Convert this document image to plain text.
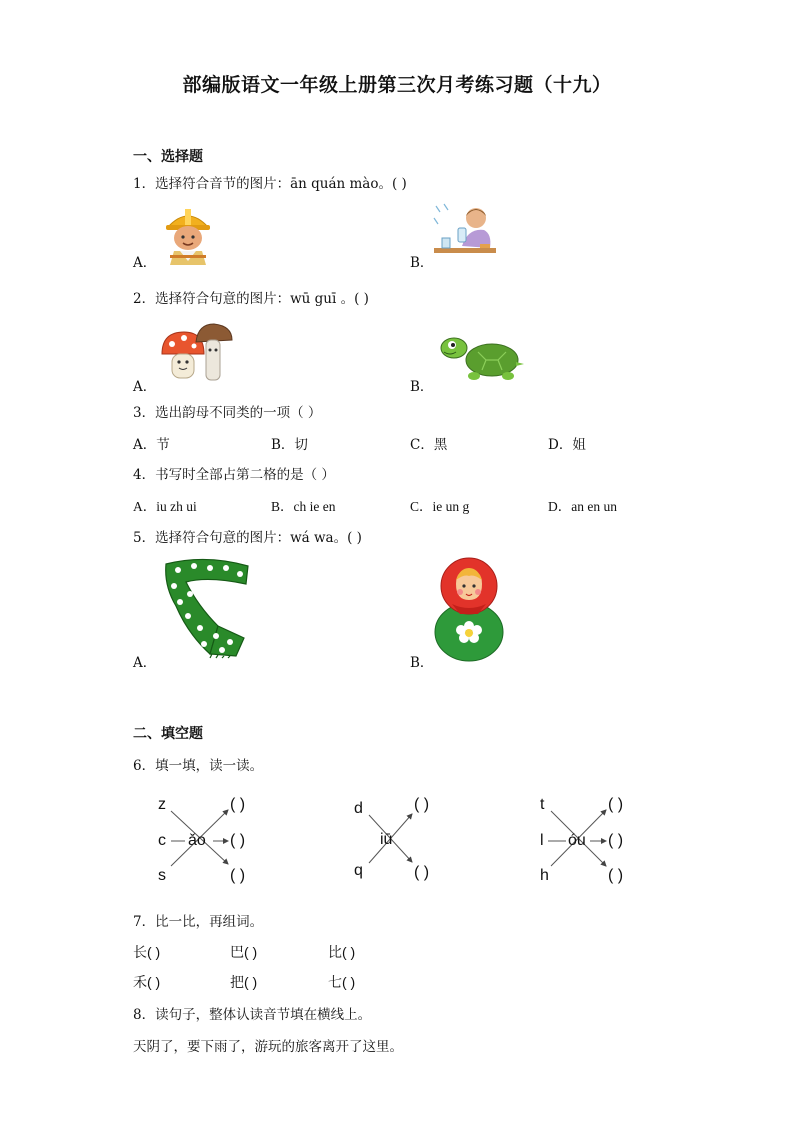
部编版语文一年级上册第三次月考练习题（十九）
一、选择题
1．选择符合音节的图片：ān quán mào。( )
A．	B．
2．选择符合句意的图片：wū guī 。( )
A．	B．
3．选出韵母不同类的一项（ ）
A．节	B．切	C．黑	D．姐
4．书写时全部占第二格的是（ ）
A．iu zh ui	B．ch ie en	C．ie un g	D．an en un
5．选择符合句意的图片：wá wa。( )
A．	B．
二、填空题
6．填一填，读一读。
z
c
s
ǎo
( )
( )
( )
d
q
iū
( )
( )
t
l
h
óu
( )
( )
( )
7．比一比，再组词。
长( )	巴( )	比( )
禾( )	把( )	七( )
8．读句子，整体认读音节填在横线上。
天阴了，要下雨了，游玩的旅客离开了这里。
